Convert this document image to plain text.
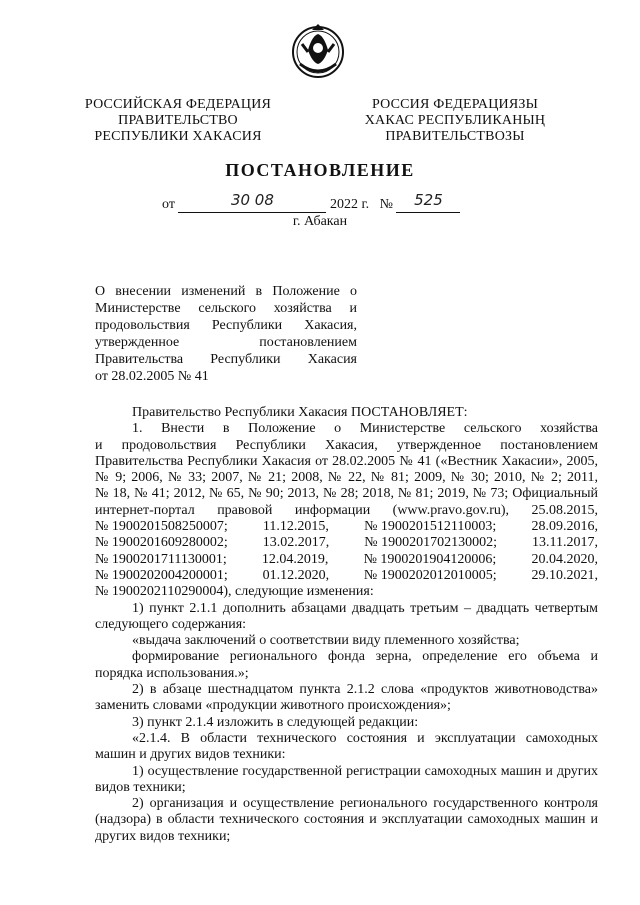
РОССИЙСКАЯ ФЕДЕРАЦИЯ
ПРАВИТЕЛЬСТВО
РЕСПУБЛИКИ ХАКАСИЯ
РОССИЯ ФЕДЕРАЦИЯЗЫ
ХАКАС РЕСПУБЛИКАНЫҢ
ПРАВИТЕЛЬСТВОЗЫ
ПОСТАНОВЛЕНИЕ
от	30 08	2022 г. № 525
г. Абакан
О внесении изменений в Положение о
Министерстве сельского хозяйства и
продовольствия Республики Хакасия,
утвержденное постановлением
Правительства Республики Хакасия
от 28.02.2005 № 41

Правительство Республики Хакасия ПОСТАНОВЛЯЕТ:

1. Внести в Положение о Министерстве сельского хозяйства

и продовольствия Республики Хакасия, утвержденное постановлением

Правительства Республики Хакасия от 28.02.2005 № 41 («Вестник Хакасии», 2005,

№ 9; 2006, № 33; 2007, № 21; 2008, № 22, № 81; 2009, № 30; 2010, № 2; 2011,

№ 18, № 41; 2012, № 65, № 90; 2013, № 28; 2018, № 81; 2019, № 73; Официальный

интернет-портал правовой информации (www.pravo.gov.ru), 25.08.2015,

№ 1900201508250007;	11.12.2015,	№ 1900201512110003;	28.09.2016,
№ 1900201609280002;	13.02.2017,	№ 1900201702130002;	13.11.2017,
№ 1900201711130001;	12.04.2019,	№ 1900201904120006;	20.04.2020,
№ 1900202004200001; 01.12.2020, № 1900202012010005; 29.10.2021,

№ 1900202110290004), следующие изменения:

1) пункт 2.1.1 дополнить абзацами двадцать третьим – двадцать четвертым

следующего содержания:

«выдача заключений о соответствии виду племенного хозяйства;

формирование регионального фонда зерна, определение его объема и

порядка использования.»;

2) в абзаце шестнадцатом пункта 2.1.2 слова «продуктов животноводства»

заменить словами «продукции животного происхождения»;

3) пункт 2.1.4 изложить в следующей редакции:

«2.1.4. В области технического состояния и эксплуатации самоходных

машин и других видов техники:

1) осуществление государственной регистрации самоходных машин и других

видов техники;

2) организация и осуществление регионального государственного контроля

(надзора) в области технического состояния и эксплуатации самоходных машин и

других видов техники;
